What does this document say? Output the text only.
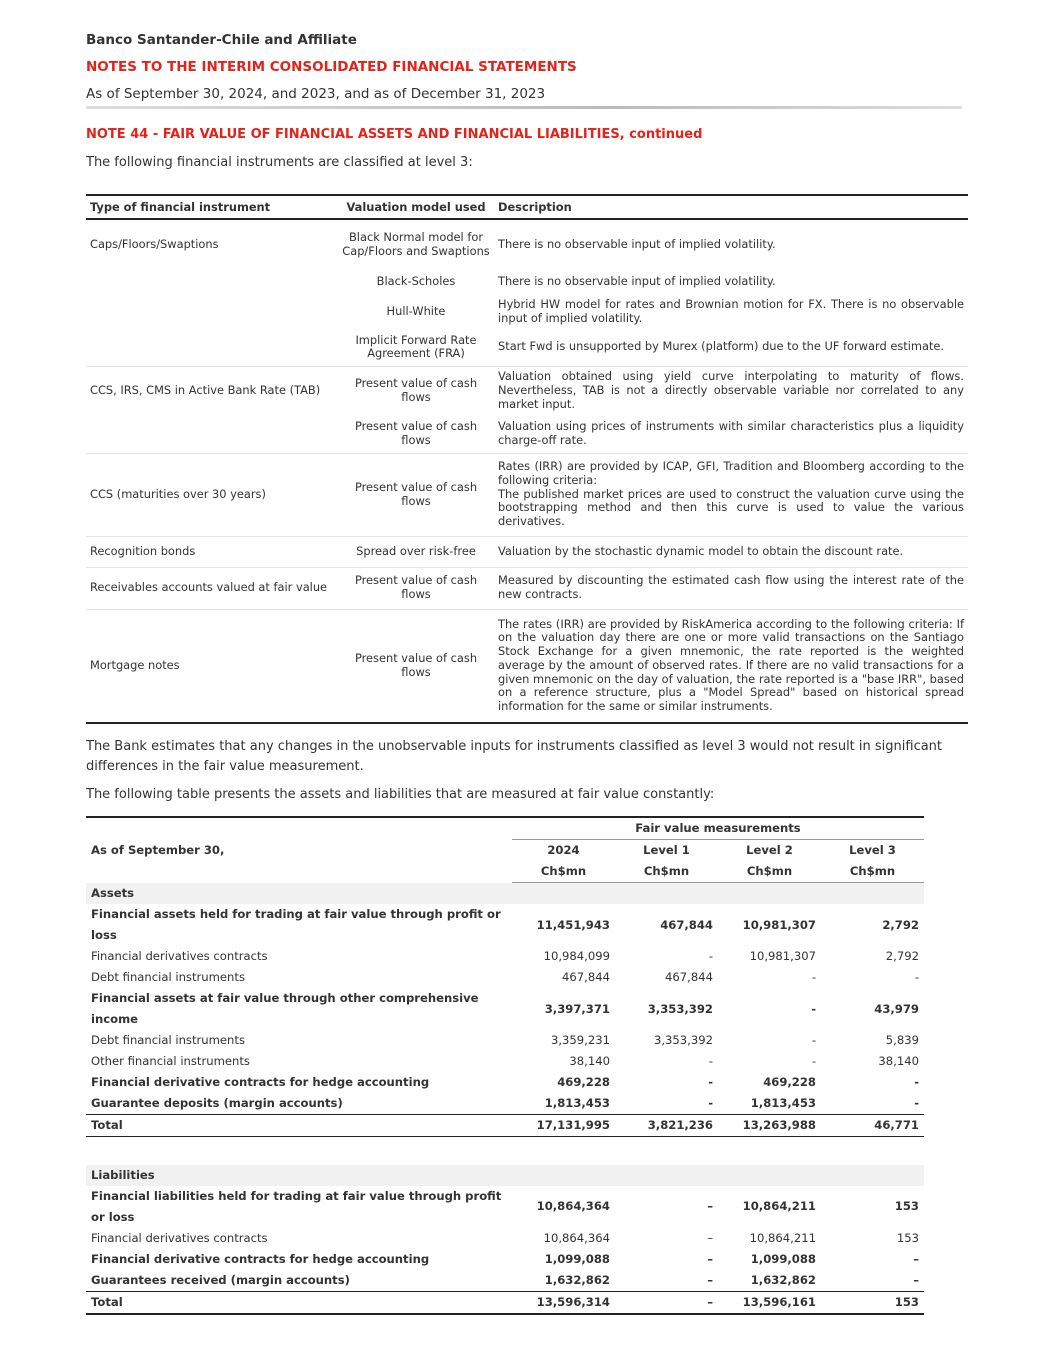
Banco Santander-Chile and Affiliate
NOTES TO THE INTERIM CONSOLIDATED FINANCIAL STATEMENTS
As of September 30, 2024, and 2023, and as of December 31, 2023
NOTE 44 - FAIR VALUE OF FINANCIAL ASSETS AND FINANCIAL LIABILITIES, continued
The following financial instruments are classified at level 3:
Type of financial instrument	Valuation model used	Description
Caps/Floors/Swaptions	Black Normal model for Cap/Floors and Swaptions	There is no observable input of implied volatility.
	Black-Scholes	There is no observable input of implied volatility.
	Hull-White	Hybrid HW model for rates and Brownian motion for FX. There is no observable input of implied volatility.
	Implicit Forward Rate Agreement (FRA)	Start Fwd is unsupported by Murex (platform) due to the UF forward estimate.
CCS, IRS, CMS in Active Bank Rate (TAB)	Present value of cash flows	Valuation obtained using yield curve interpolating to maturity of flows. Nevertheless, TAB is not a directly observable variable nor correlated to any market input.
	Present value of cash flows	Valuation using prices of instruments with similar characteristics plus a liquidity charge-off rate.
CCS (maturities over 30 years)	Present value of cash flows	Rates (IRR) are provided by ICAP, GFI, Tradition and Bloomberg according to the following criteria:
The published market prices are used to construct the valuation curve using the bootstrapping method and then this curve is used to value the various derivatives.

Recognition bonds	Spread over risk-free	Valuation by the stochastic dynamic model to obtain the discount rate.
Receivables accounts valued at fair value	Present value of cash flows	Measured by discounting the estimated cash flow using the interest rate of the new contracts.
Mortgage notes	Present value of cash flows	The rates (IRR) are provided by RiskAmerica according to the following criteria: If on the valuation day there are one or more valid transactions on the Santiago Stock Exchange for a given mnemonic, the rate reported is the weighted average by the amount of observed rates. If there are no valid transactions for a given mnemonic on the day of valuation, the rate reported is a "base IRR", based on a reference structure, plus a "Model Spread" based on historical spread information for the same or similar instruments.
The Bank estimates that any changes in the unobservable inputs for instruments classified as level 3 would not result in significant differences in the fair value measurement.
The following table presents the assets and liabilities that are measured at fair value constantly:
	Fair value measurements			
As of September 30,	2024	Level 1	Level 2	Level 3
	Ch$mn	Ch$mn	Ch$mn	Ch$mn
Assets				
Financial assets held for trading at fair value through profit or loss	11,451,943	467,844	10,981,307	2,792
Financial derivatives contracts	10,984,099	-	10,981,307	2,792
Debt financial instruments	467,844	467,844	-	-
Financial assets at fair value through other comprehensive income	3,397,371	3,353,392	-	43,979
Debt financial instruments	3,359,231	3,353,392	-	5,839
Other financial instruments	38,140	-	-	38,140
Financial derivative contracts for hedge accounting	469,228	-	469,228	-
Guarantee deposits (margin accounts)	1,813,453	-	1,813,453	-
Total	17,131,995	3,821,236	13,263,988	46,771

Liabilities				
Financial liabilities held for trading at fair value through profit or loss	10,864,364	–	10,864,211	153
Financial derivatives contracts	10,864,364	–	10,864,211	153
Financial derivative contracts for hedge accounting	1,099,088	–	1,099,088	–
Guarantees received (margin accounts)	1,632,862	–	1,632,862	–
Total	13,596,314	–	13,596,161	153
